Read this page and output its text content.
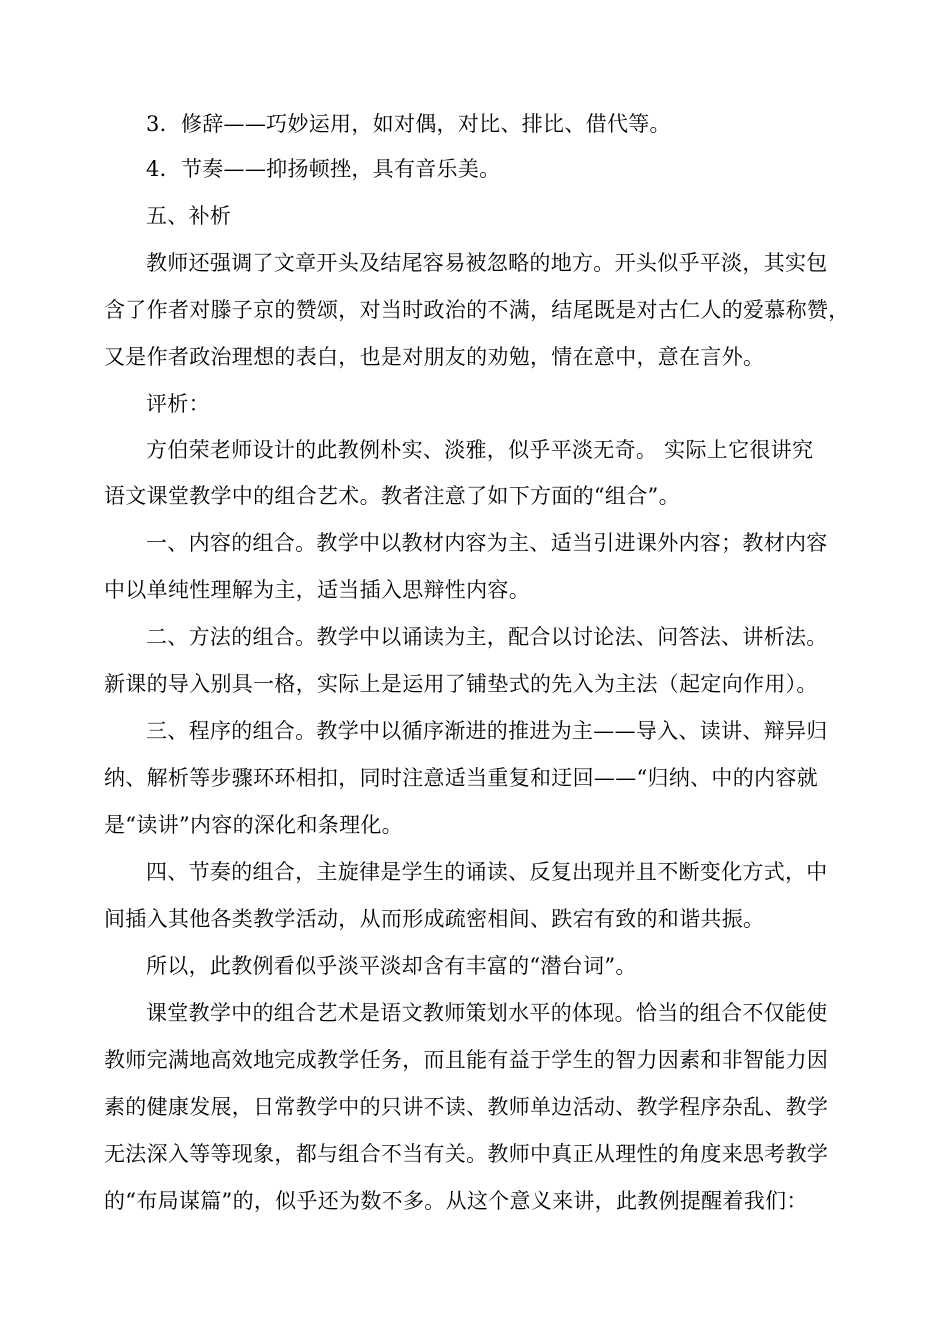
3．修辞——巧妙运用，如对偶，对比、排比、借代等。
4．节奏——抑扬顿挫，具有音乐美。
五、补析
教师还强调了文章开头及结尾容易被忽略的地方。开头似乎平淡，其实包
含了作者对滕子京的赞颂，对当时政治的不满，结尾既是对古仁人的爱慕称赞，
又是作者政治理想的表白，也是对朋友的劝勉，情在意中，意在言外。
评析：
方伯荣老师设计的此教例朴实、淡雅，似乎平淡无奇。 实际上它很讲究
语文课堂教学中的组合艺术。教者注意了如下方面的“组合”。
一、内容的组合。教学中以教材内容为主、适当引进课外内容；教材内容
中以单纯性理解为主，适当插入思辩性内容。
二、方法的组合。教学中以诵读为主，配合以讨论法、问答法、讲析法。
新课的导入别具一格，实际上是运用了铺垫式的先入为主法（起定向作用）。
三、程序的组合。教学中以循序渐进的推进为主——导入、读讲、辩异归
纳、解析等步骤环环相扣，同时注意适当重复和迂回——“归纳、中的内容就
是“读讲”内容的深化和条理化。
四、节奏的组合，主旋律是学生的诵读、反复出现并且不断变化方式，中
间插入其他各类教学活动，从而形成疏密相间、跌宕有致的和谐共振。
所以，此教例看似乎淡平淡却含有丰富的“潜台词”。
课堂教学中的组合艺术是语文教师策划水平的体现。恰当的组合不仅能使
教师完满地高效地完成教学任务，而且能有益于学生的智力因素和非智能力因
素的健康发展，日常教学中的只讲不读、教师单边活动、教学程序杂乱、教学
无法深入等等现象，都与组合不当有关。教师中真正从理性的角度来思考教学
的“布局谋篇”的，似乎还为数不多。从这个意义来讲，此教例提醒着我们：
